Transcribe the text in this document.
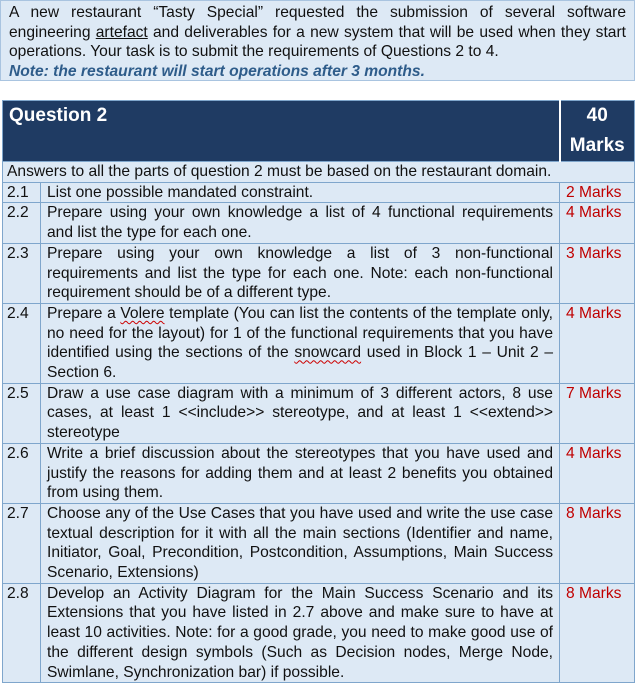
A new restaurant “Tasty Special” requested the submission of several software engineering artefact and deliverables for a new system that will be used when they start operations. Your task is to submit the requirements of Questions 2 to 4.
Note: the restaurant will start operations after 3 months.
Question 2		40 Marks
Answers to all the parts of question 2 must be based on the restaurant domain.		
2.1	List one possible mandated constraint.	2 Marks
2.2	Prepare using your own knowledge a list of 4 functional requirements and list the type for each one.	4 Marks
2.3	Prepare using your own knowledge a list of 3 non-functional requirements and list the type for each one. Note: each non-functional requirement should be of a different type.	3 Marks
2.4	Prepare a Volere template (You can list the contents of the template only, no need for the layout) for 1 of the functional requirements that you have identified using the sections of the snowcard used in Block 1 – Unit 2 – Section 6.	4 Marks
2.5	Draw a use case diagram with a minimum of 3 different actors, 8 use cases, at least 1 <<include>> stereotype, and at least 1 <<extend>> stereotype	7 Marks
2.6	Write a brief discussion about the stereotypes that you have used and justify the reasons for adding them and at least 2 benefits you obtained from using them.	4 Marks
2.7	Choose any of the Use Cases that you have used and write the use case textual description for it with all the main sections (Identifier and name, Initiator, Goal, Precondition, Postcondition, Assumptions, Main Success Scenario, Extensions)	8 Marks
2.8	Develop an Activity Diagram for the Main Success Scenario and its Extensions that you have listed in 2.7 above and make sure to have at least 10 activities. Note: for a good grade, you need to make good use of the different design symbols (Such as Decision nodes, Merge Node, Swimlane, Synchronization bar) if possible.	8 Marks
